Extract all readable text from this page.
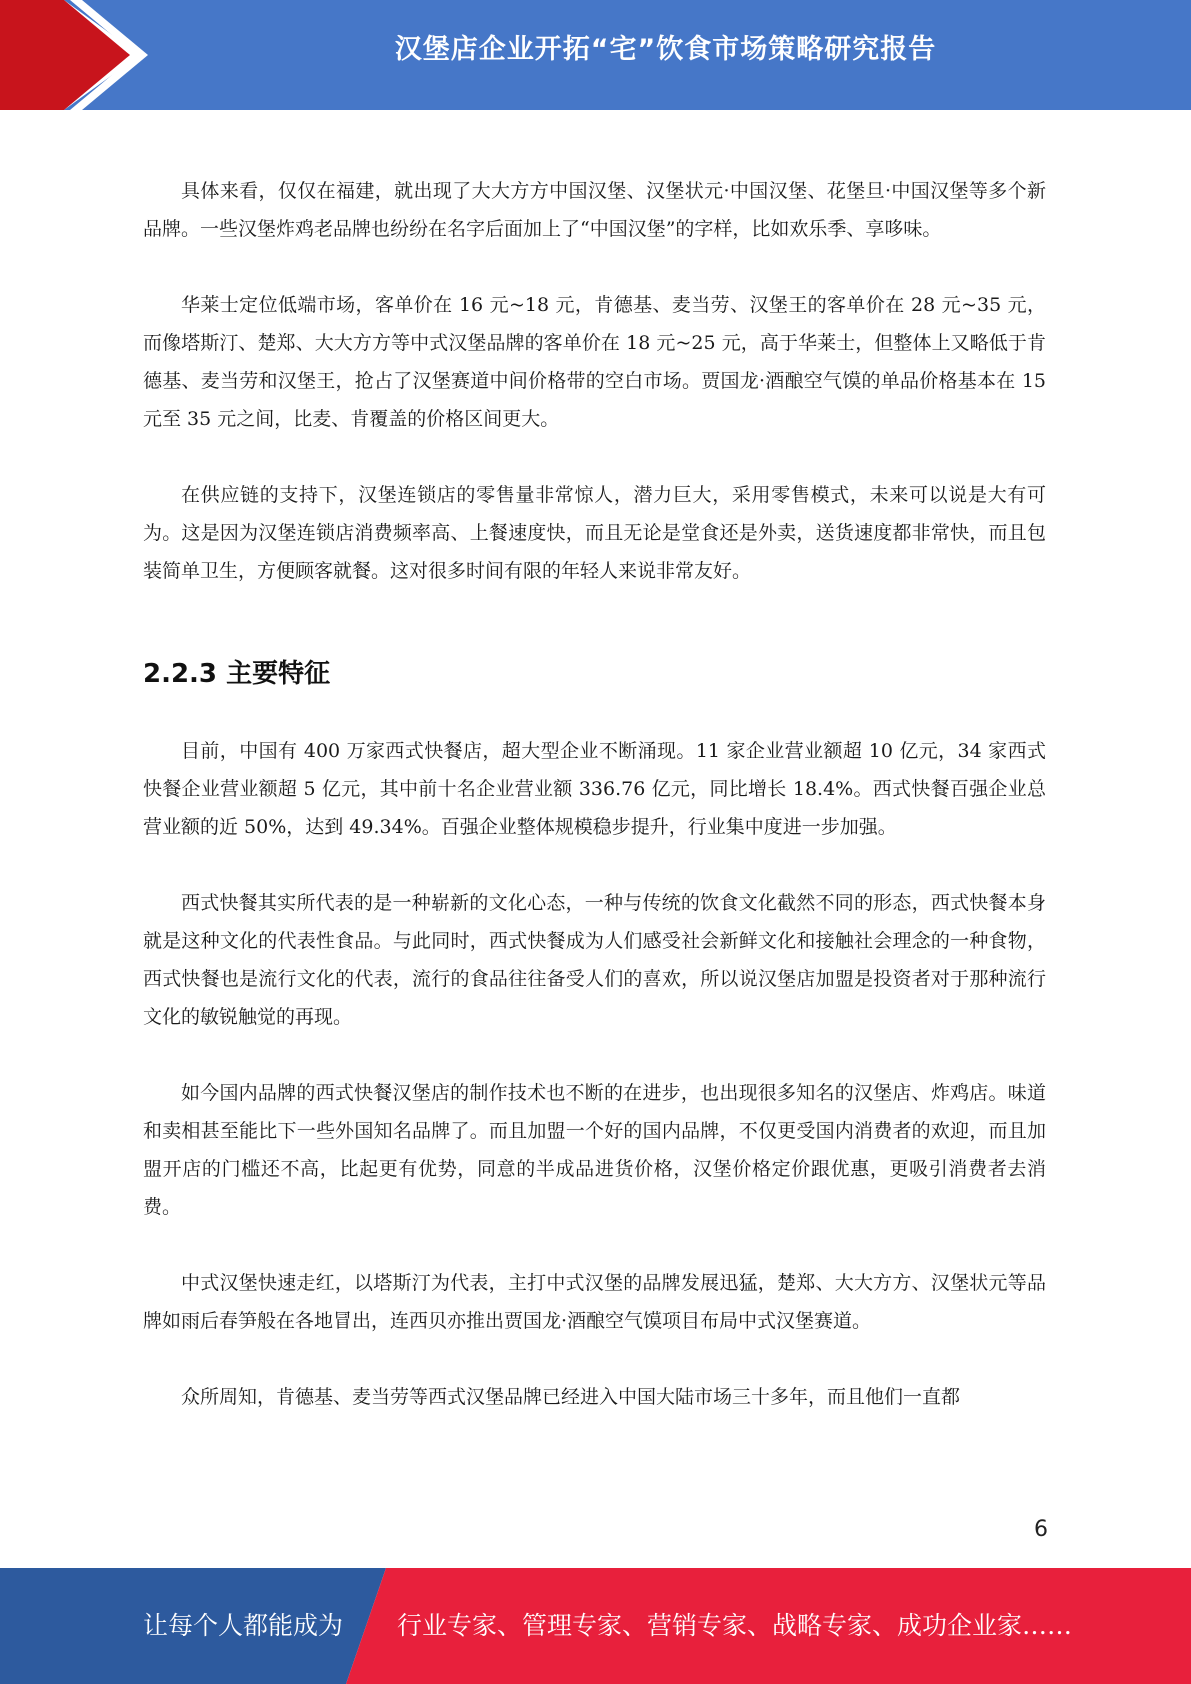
汉堡店企业开拓“宅”饮食市场策略研究报告

具体来看，仅仅在福建，就出现了大大方方中国汉堡、汉堡状元·中国汉堡、花堡旦·中国汉堡等多个新品牌。一些汉堡炸鸡老品牌也纷纷在名字后面加上了“中国汉堡”的字样，比如欢乐季、享哆味。

华莱士定位低端市场，客单价在 16 元~18 元，肯德基、麦当劳、汉堡王的客单价在 28 元~35 元，而像塔斯汀、楚郑、大大方方等中式汉堡品牌的客单价在 18 元~25 元，高于华莱士，但整体上又略低于肯德基、麦当劳和汉堡王，抢占了汉堡赛道中间价格带的空白市场。贾国龙·酒酿空气馍的单品价格基本在 15 元至 35 元之间，比麦、肯覆盖的价格区间更大。

在供应链的支持下，汉堡连锁店的零售量非常惊人，潜力巨大，采用零售模式，未来可以说是大有可为。这是因为汉堡连锁店消费频率高、上餐速度快，而且无论是堂食还是外卖，送货速度都非常快，而且包装简单卫生，方便顾客就餐。这对很多时间有限的年轻人来说非常友好。

2.2.3 主要特征

目前，中国有 400 万家西式快餐店，超大型企业不断涌现。11 家企业营业额超 10 亿元，34 家西式快餐企业营业额超 5 亿元，其中前十名企业营业额 336.76 亿元，同比增长 18.4%。西式快餐百强企业总营业额的近 50%，达到 49.34%。百强企业整体规模稳步提升，行业集中度进一步加强。

西式快餐其实所代表的是一种崭新的文化心态，一种与传统的饮食文化截然不同的形态，西式快餐本身就是这种文化的代表性食品。与此同时，西式快餐成为人们感受社会新鲜文化和接触社会理念的一种食物，西式快餐也是流行文化的代表，流行的食品往往备受人们的喜欢，所以说汉堡店加盟是投资者对于那种流行文化的敏锐触觉的再现。

如今国内品牌的西式快餐汉堡店的制作技术也不断的在进步，也出现很多知名的汉堡店、炸鸡店。味道和卖相甚至能比下一些外国知名品牌了。而且加盟一个好的国内品牌，不仅更受国内消费者的欢迎，而且加盟开店的门槛还不高，比起更有优势，同意的半成品进货价格，汉堡价格定价跟优惠，更吸引消费者去消费。

中式汉堡快速走红，以塔斯汀为代表，主打中式汉堡的品牌发展迅猛，楚郑、大大方方、汉堡状元等品牌如雨后春笋般在各地冒出，连西贝亦推出贾国龙·酒酿空气馍项目布局中式汉堡赛道。

众所周知，肯德基、麦当劳等西式汉堡品牌已经进入中国大陆市场三十多年，而且他们一直都

6
让每个人都能成为 行业专家、管理专家、营销专家、战略专家、成功企业家……
